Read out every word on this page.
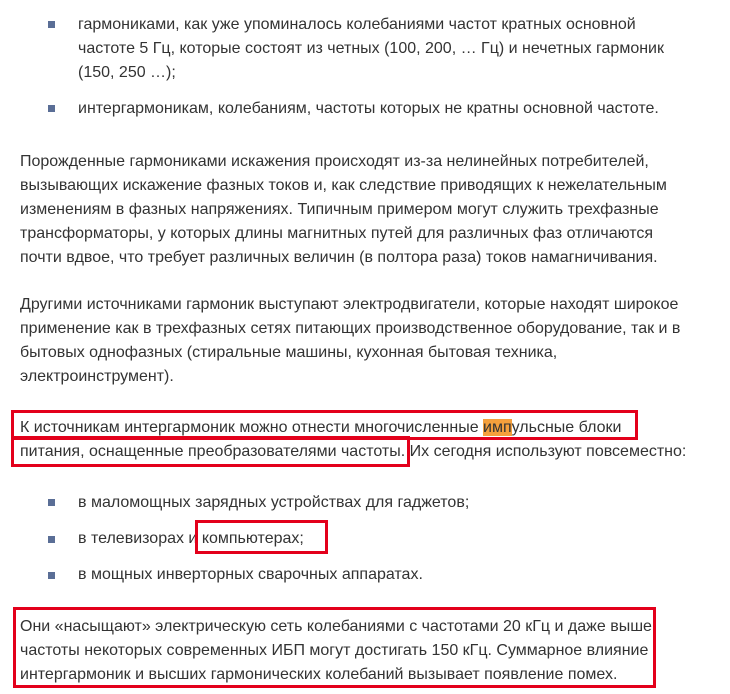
гармониками, как уже упоминалось колебаниями частот кратных основной
частоте 5 Гц, которые состоят из четных (100, 200, … Гц) и нечетных гармоник
(150, 250 …);
интергармоникам, колебаниям, частоты которых не кратны основной частоте.
Порожденные гармониками искажения происходят из-за нелинейных потребителей,
вызывающих искажение фазных токов и, как следствие приводящих к нежелательным
изменениям в фазных напряжениях. Типичным примером могут служить трехфазные
трансформаторы, у которых длины магнитных путей для различных фаз отличаются
почти вдвое, что требует различных величин (в полтора раза) токов намагничивания.
Другими источниками гармоник выступают электродвигатели, которые находят широкое
применение как в трехфазных сетях питающих производственное оборудование, так и в
бытовых однофазных (стиральные машины, кухонная бытовая техника,
электроинструмент).
К источникам интергармоник можно отнести многочисленные импульсные блоки
питания, оснащенные преобразователями частоты. Их сегодня используют повсеместно:
в маломощных зарядных устройствах для гаджетов;
в телевизорах и компьютерах;
в мощных инверторных сварочных аппаратах.
Они «насыщают» электрическую сеть колебаниями с частотами 20 кГц и даже выше
частоты некоторых современных ИБП могут достигать 150 кГц. Суммарное влияние
интергармоник и высших гармонических колебаний вызывает появление помех.
